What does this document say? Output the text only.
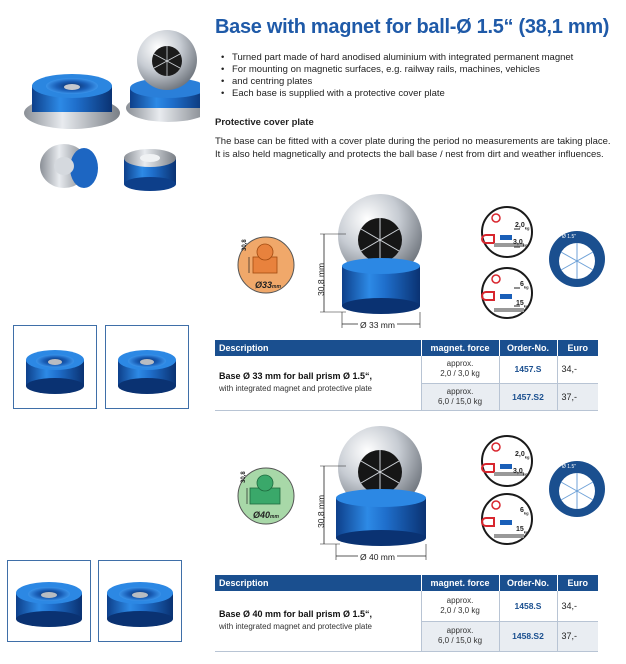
Base with magnet for ball-Ø 1.5“ (38,1 mm)
• Turned part made of hard anodised aluminium with integrated permanent magnet
• For mounting on magnetic surfaces, e.g. railway rails, machines, vehicles
• and centring plates
• Each base is supplied with a protective cover plate
Protective cover plate
The base can be fitted with a cover plate during the period no measurements are taking place. It is also held magnetically and protects the ball base / nest from dirt and weather influences.
30,8
Ø33mm	30,8 mm
Ø 33 mm
$2,0_{kg}$
$3,0_{kg}$
$6_{kg}$
$15_{kg}$
Ø 1.5"
Description	magnet. force	Order-No.	Euro
Base Ø 33 mm for ball prism Ø 1.5“,
with integrated magnet and protective plate	approx.
2,0 / 3,0 kg	1457.S	34,-
	approx.
6,0 / 15,0 kg	1457.S2	37,-
30,8
Ø40mm	30,8 mm
Ø 40 mm
$2,0_{kg}$
$3,0_{kg}$
$6_{kg}$
$15_{kg}$
Ø 1.5"
Description	magnet. force	Order-No.	Euro
Base Ø 40 mm for ball prism Ø 1.5“,
with integrated magnet and protective plate	approx.
2,0 / 3,0 kg	1458.S	34,-
	approx.
6,0 / 15,0 kg	1458.S2	37,-
